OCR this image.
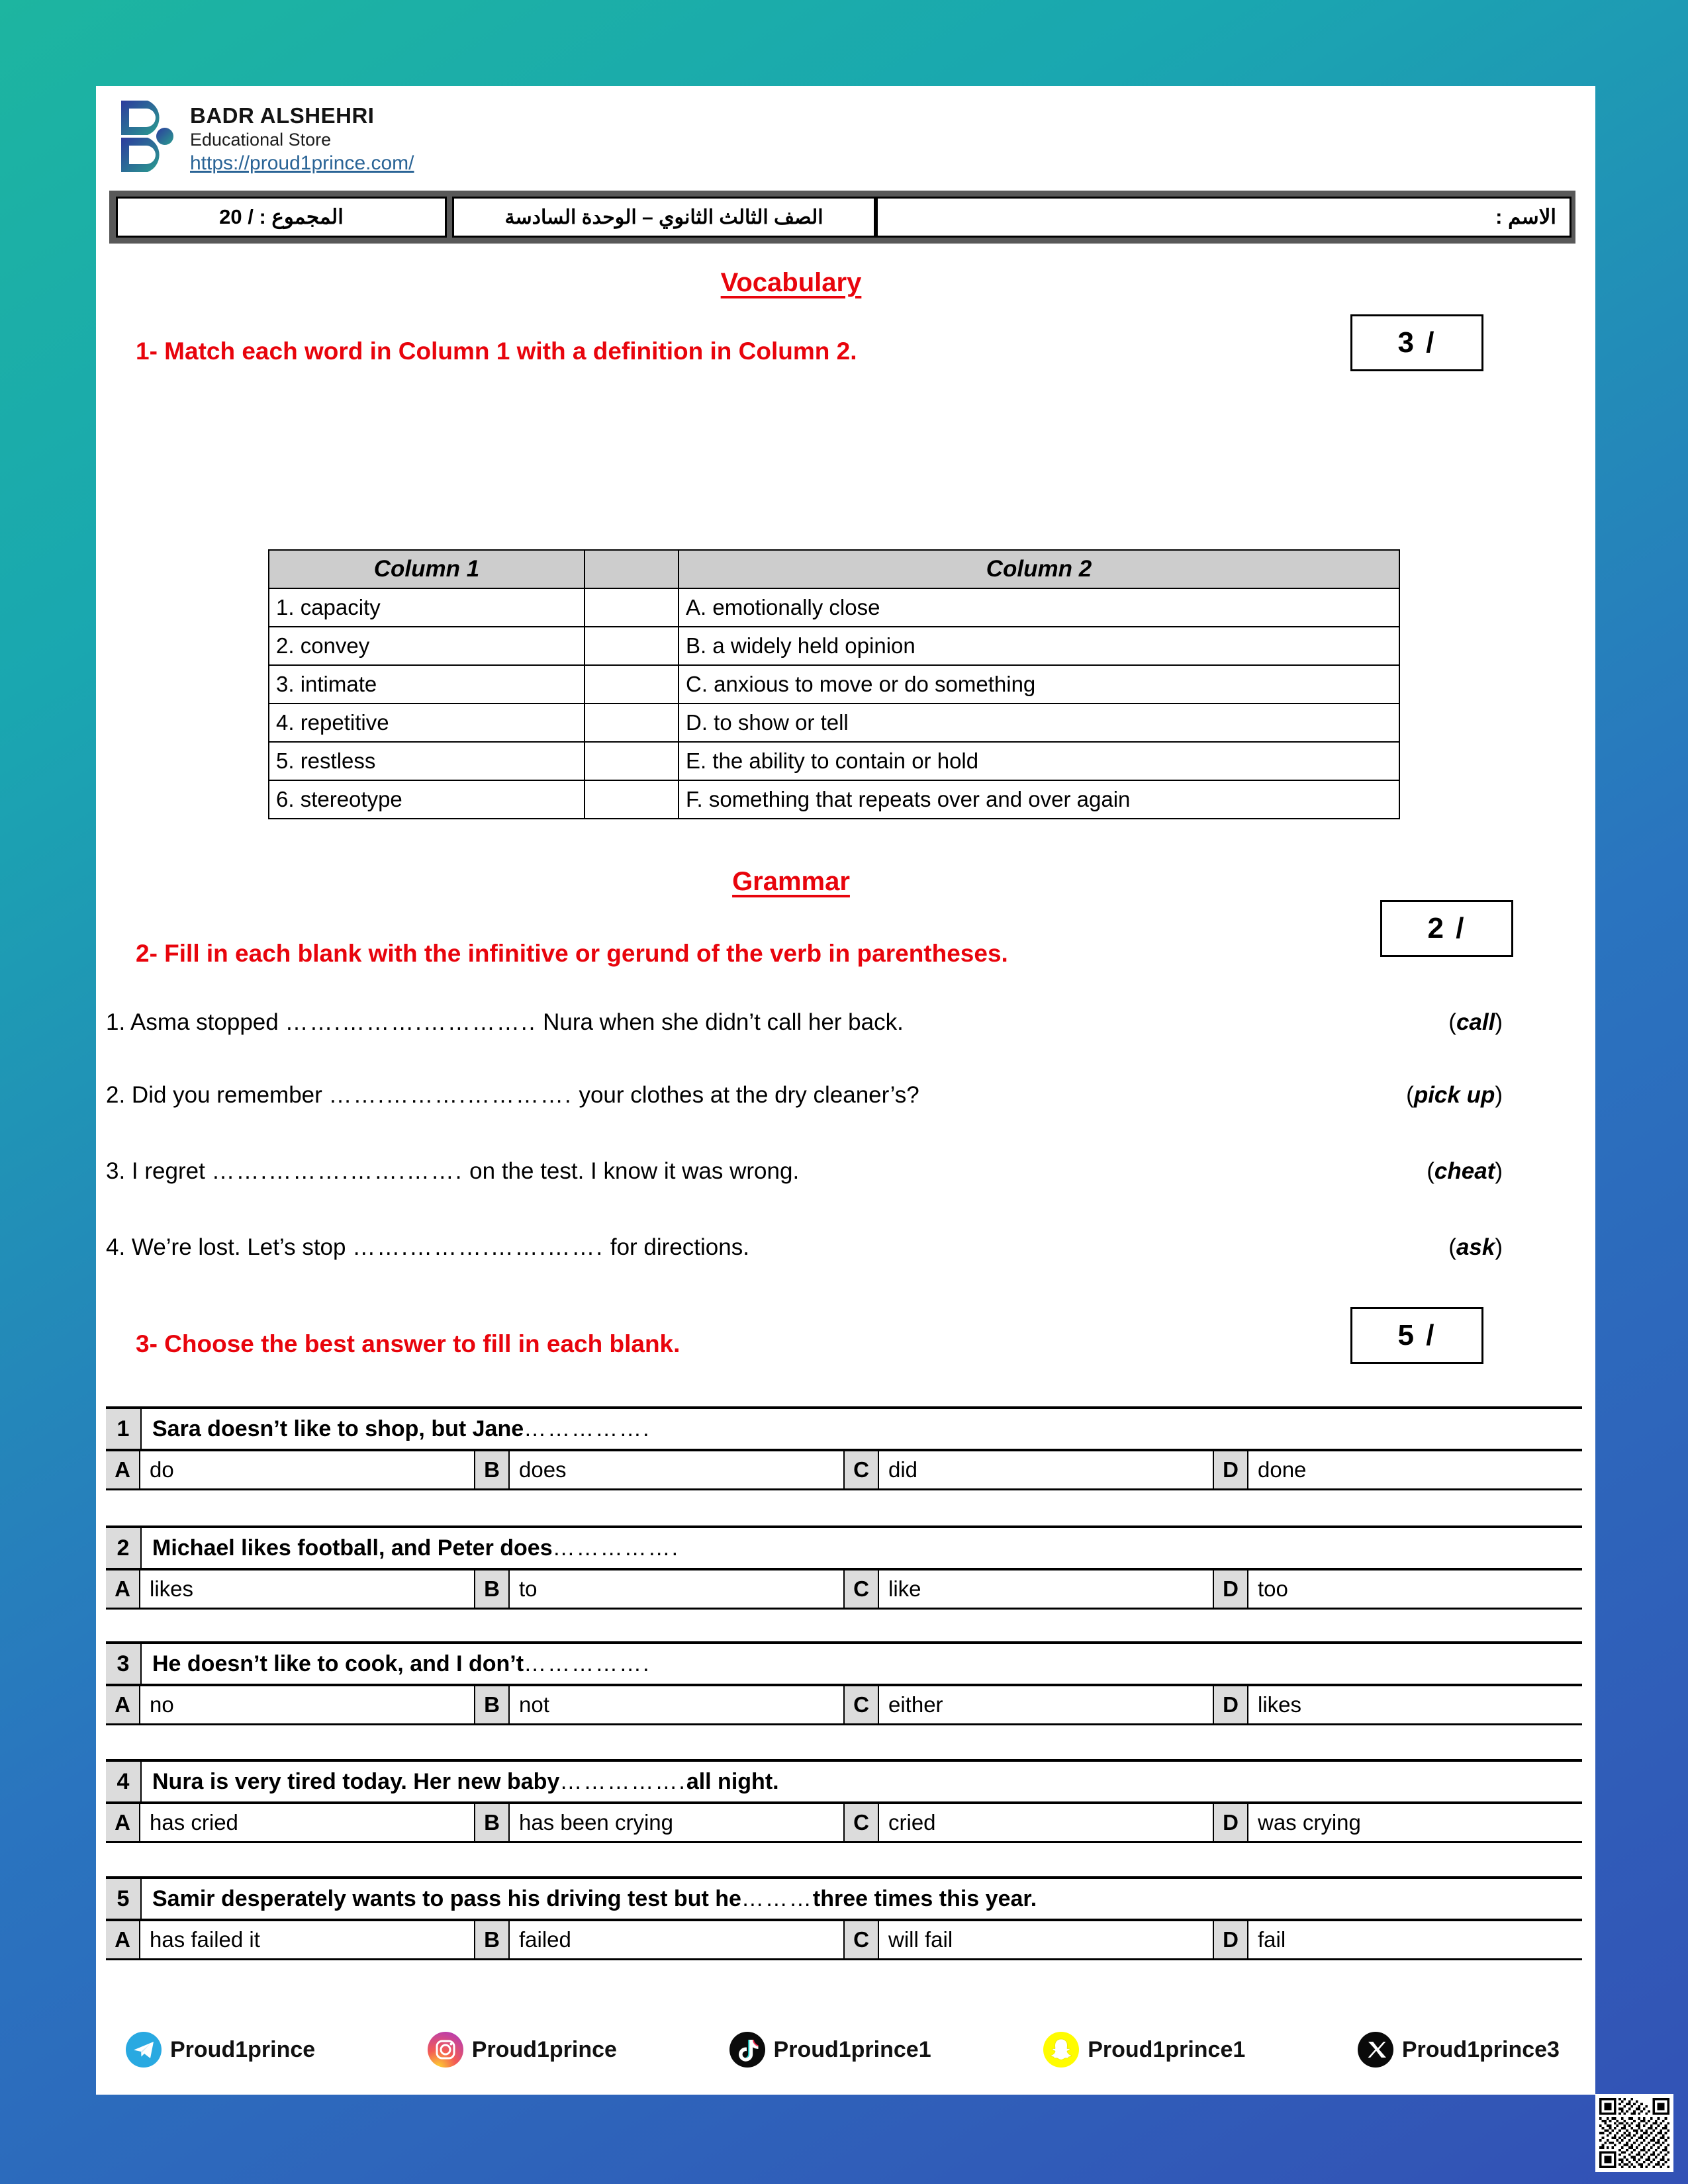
BADR ALSHEHRI
Educational Store
https://proud1prince.com/
المجموع : / 20	الصف الثالث الثانوي – الوحدة السادسة	الاسم :
Vocabulary
1- Match each word in Column 1 with a definition in Column 2.	3 /
Column 1		Column 2
1. capacity		A. emotionally close
2. convey		B. a widely held opinion
3. intimate		C. anxious to move or do something
4. repetitive		D. to show or tell
5. restless		E. the ability to contain or hold
6. stereotype		F. something that repeats over and over again
Grammar
2- Fill in each blank with the infinitive or gerund of the verb in parentheses.
2 /
1. Asma stopped …….……….………….. Nura when she didn’t call her back.	(call)
2. Did you remember …….……….…………. your clothes at the dry cleaner’s?	(pick up)
3. I regret …….……….…….……. on the test. I know it was wrong.	(cheat)
4. We’re lost. Let’s stop …….……….…….……. for directions.	(ask)
3- Choose the best answer to fill in each blank.	5 /
1	Sara doesn’t like to shop, but Jane …………….
A do	B does	C did	D done
2	Michael likes football, and Peter does …………….
A likes	B to	C like	D too
3	He doesn’t like to cook, and I don’t …………….
A no	B not	C either	D likes
4	Nura is very tired today. Her new baby ……………. all night.
A has cried	B has been crying	C cried	D was crying
5	Samir desperately wants to pass his driving test but he ……… three times this year.
A has failed it	B failed	C will fail	D fail
Proud1prince	Proud1prince	Proud1prince1	Proud1prince1	Proud1prince3
